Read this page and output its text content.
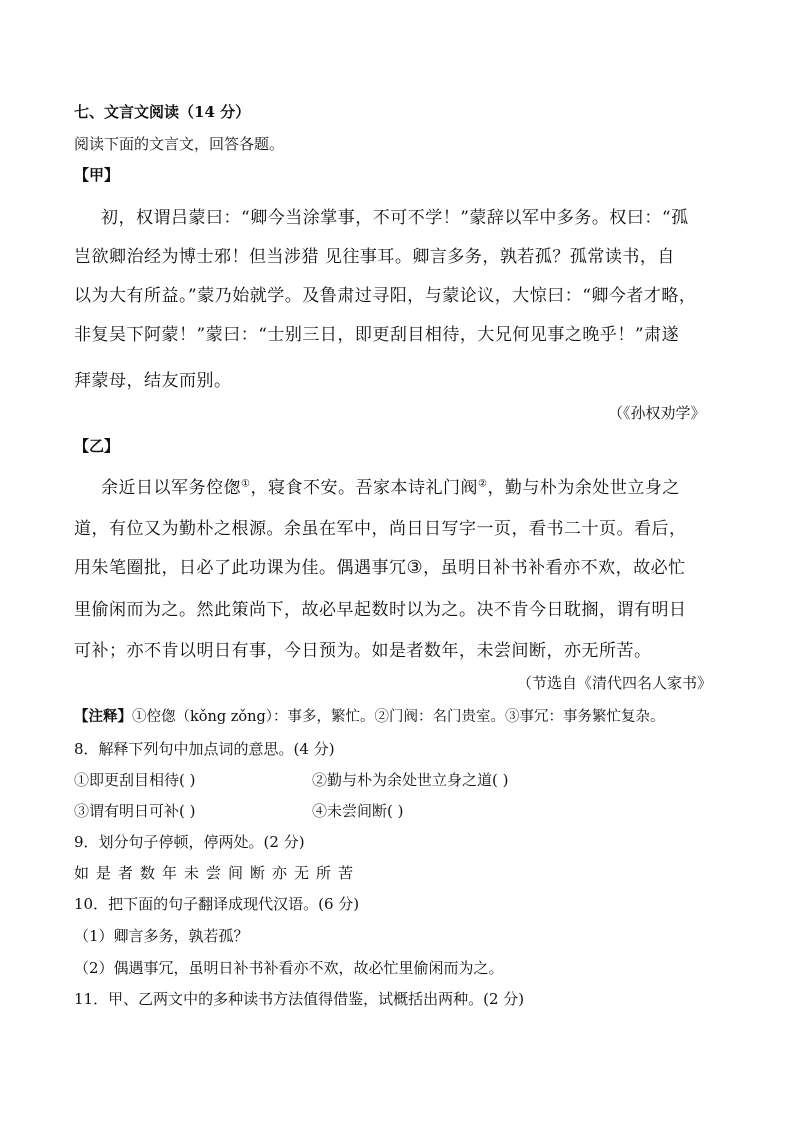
七、文言文阅读（14 分）
阅读下面的文言文，回答各题。
【甲】
初，权谓吕蒙曰：“卿今当涂掌事，不可不学！”蒙辞以军中多务。权曰：“孤
岂欲卿治经为博士邪！但当涉猎 见往事耳。卿言多务，孰若孤？孤常读书，自
以为大有所益。”蒙乃始就学。及鲁肃过寻阳，与蒙论议，大惊曰：“卿今者才略，
非复吴下阿蒙！”蒙曰：“士别三日，即更刮目相待，大兄何见事之晚乎！”肃遂
拜蒙母，结友而别。
（《孙权劝学》
【乙】
余近日以军务倥偬①，寝食不安。吾家本诗礼门阀②，勤与朴为余处世立身之
道，有位又为勤朴之根源。余虽在军中，尚日日写字一页，看书二十页。看后，
用朱笔圈批，日必了此功课为佳。偶遇事冗③，虽明日补书补看亦不欢，故必忙
里偷闲而为之。然此策尚下，故必早起数时以为之。决不肯今日耽搁，谓有明日
可补；亦不肯以明日有事，今日预为。如是者数年，未尝间断，亦无所苦。
（节选自《清代四名人家书》
【注释】①倥偬（kǒng zǒng）：事多，繁忙。②门阀：名门贵室。③事冗：事务繁忙复杂。
8．解释下列句中加点词的意思。(4 分)
①即更刮目相待( )	②勤与朴为余处世立身之道( )
③谓有明日可补( )	④未尝间断( )
9．划分句子停顿，停两处。(2 分)
如是者数年未尝间断亦无所苦
10．把下面的句子翻译成现代汉语。(6 分)
（1）卿言多务，孰若孤？
（2）偶遇事冗，虽明日补书补看亦不欢，故必忙里偷闲而为之。
11．甲、乙两文中的多种读书方法值得借鉴，试概括出两种。(2 分)
